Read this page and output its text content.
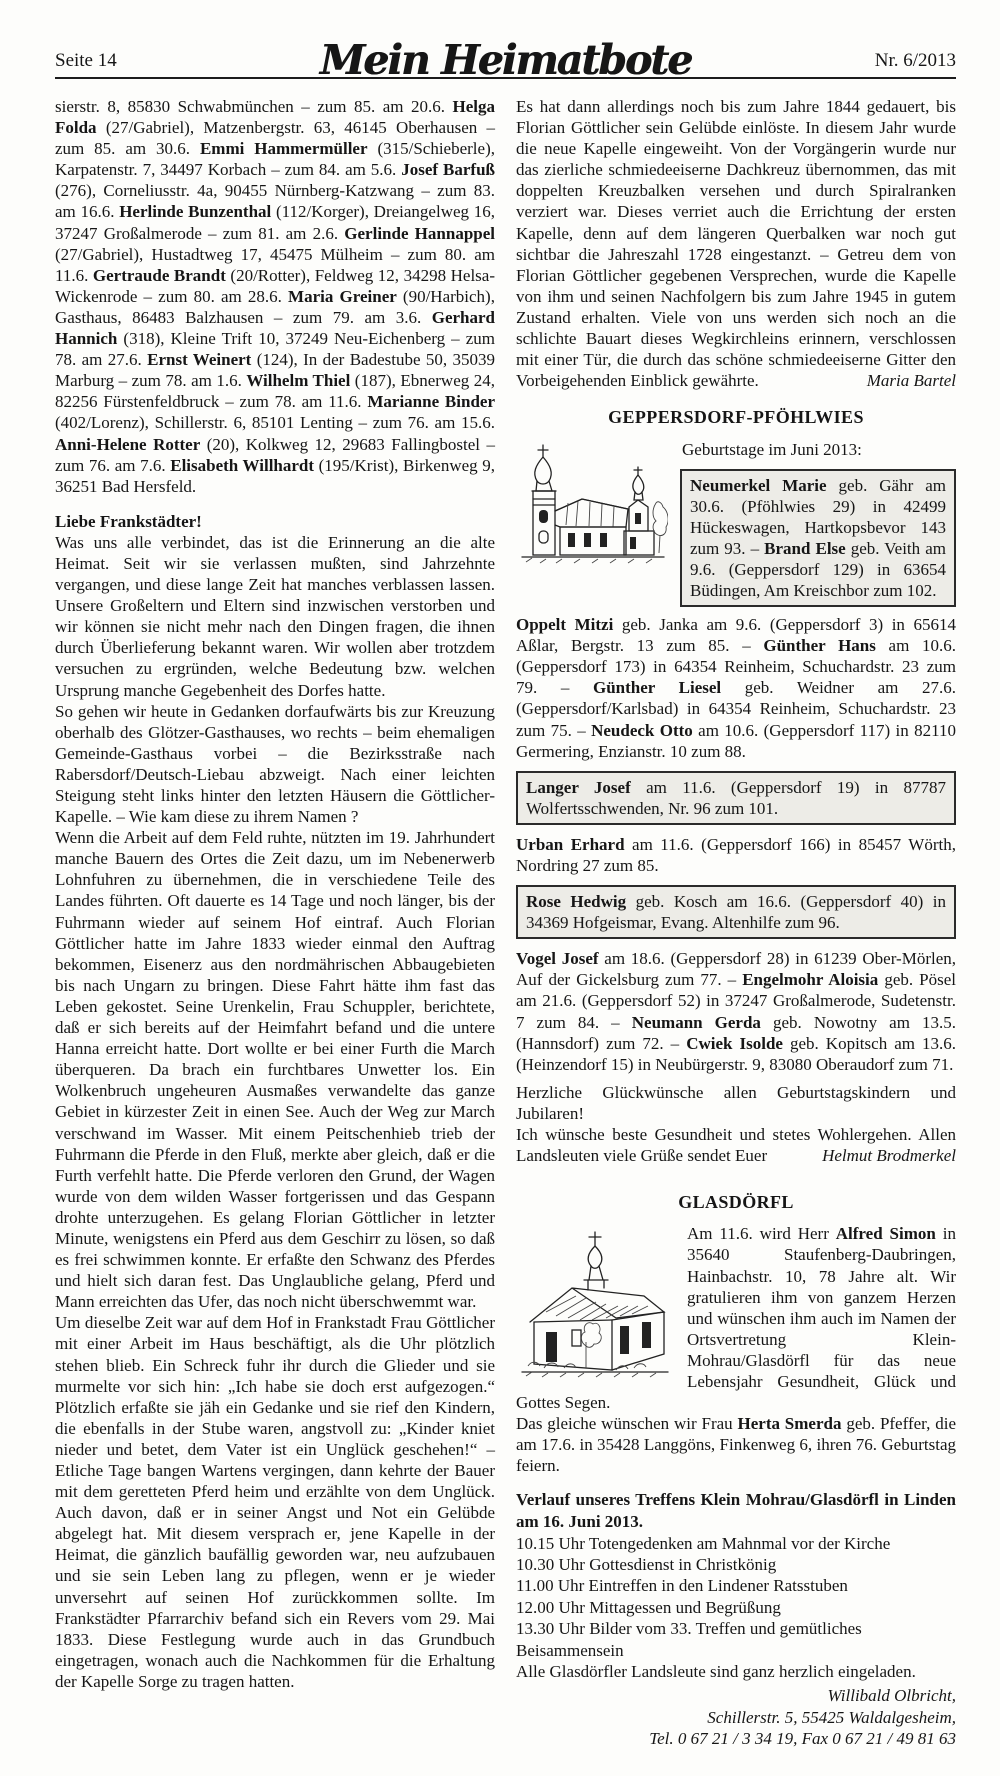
Seite 14	Mein Heimatbote	Nr. 6/2013

sierstr. 8, 85830 Schwabmünchen – zum 85. am 20.6. Helga Folda (27/Gabriel), Matzenbergstr. 63, 46145 Oberhausen – zum 85. am 30.6. Emmi Hammermüller (315/Schieberle), Karpatenstr. 7, 34497 Korbach – zum 84. am 5.6. Josef Barfuß (276), Corneliusstr. 4a, 90455 Nürnberg-Katzwang – zum 83. am 16.6. Herlinde Bunzenthal (112/Korger), Dreiangelweg 16, 37247 Großalmerode – zum 81. am 2.6. Gerlinde Hannappel (27/Gabriel), Hustadtweg 17, 45475 Mülheim – zum 80. am 11.6. Gertraude Brandt (20/Rotter), Feldweg 12, 34298 Helsa-Wickenrode – zum 80. am 28.6. Maria Greiner (90/Harbich), Gasthaus, 86483 Balzhausen – zum 79. am 3.6. Gerhard Hannich (318), Kleine Trift 10, 37249 Neu-Eichenberg – zum 78. am 27.6. Ernst Weinert (124), In der Badestube 50, 35039 Marburg – zum 78. am 1.6. Wilhelm Thiel (187), Ebnerweg 24, 82256 Fürstenfeldbruck – zum 78. am 11.6. Marianne Binder (402/Lorenz), Schillerstr. 6, 85101 Lenting – zum 76. am 15.6. Anni-Helene Rotter (20), Kolkweg 12, 29683 Fallingbostel – zum 76. am 7.6. Elisabeth Willhardt (195/Krist), Birkenweg 9, 36251 Bad Hersfeld.

Liebe Frankstädter!

Was uns alle verbindet, das ist die Erinnerung an die alte Heimat. Seit wir sie verlassen mußten, sind Jahrzehnte vergangen, und diese lange Zeit hat manches verblassen lassen. Unsere Großeltern und Eltern sind inzwischen verstorben und wir können sie nicht mehr nach den Dingen fragen, die ihnen durch Überlieferung bekannt waren. Wir wollen aber trotzdem versuchen zu ergründen, welche Bedeutung bzw. welchen Ursprung manche Gegebenheit des Dorfes hatte.

So gehen wir heute in Gedanken dorfaufwärts bis zur Kreuzung oberhalb des Glötzer-Gasthauses, wo rechts – beim ehemaligen Gemeinde-Gasthaus vorbei – die Bezirksstraße nach Rabersdorf/Deutsch-Liebau abzweigt. Nach einer leichten Steigung steht links hinter den letzten Häusern die Göttlicher-Kapelle. – Wie kam diese zu ihrem Namen ?

Wenn die Arbeit auf dem Feld ruhte, nützten im 19. Jahrhundert manche Bauern des Ortes die Zeit dazu, um im Nebenerwerb Lohnfuhren zu übernehmen, die in verschiedene Teile des Landes führten. Oft dauerte es 14 Tage und noch länger, bis der Fuhrmann wieder auf seinem Hof eintraf. Auch Florian Göttlicher hatte im Jahre 1833 wieder einmal den Auftrag bekommen, Eisenerz aus den nordmährischen Abbaugebieten bis nach Ungarn zu bringen. Diese Fahrt hätte ihm fast das Leben gekostet. Seine Urenkelin, Frau Schuppler, berichtete, daß er sich bereits auf der Heimfahrt befand und die untere Hanna erreicht hatte. Dort wollte er bei einer Furth die March überqueren. Da brach ein furchtbares Unwetter los. Ein Wolkenbruch ungeheuren Ausmaßes verwandelte das ganze Gebiet in kürzester Zeit in einen See. Auch der Weg zur March verschwand im Wasser. Mit einem Peitschenhieb trieb der Fuhrmann die Pferde in den Fluß, merkte aber gleich, daß er die Furth verfehlt hatte. Die Pferde verloren den Grund, der Wagen wurde von dem wilden Wasser fortgerissen und das Gespann drohte unterzugehen. Es gelang Florian Göttlicher in letzter Minute, wenigstens ein Pferd aus dem Geschirr zu lösen, so daß es frei schwimmen konnte. Er erfaßte den Schwanz des Pferdes und hielt sich daran fest. Das Unglaubliche gelang, Pferd und Mann erreichten das Ufer, das noch nicht überschwemmt war.

Um dieselbe Zeit war auf dem Hof in Frankstadt Frau Göttlicher mit einer Arbeit im Haus beschäftigt, als die Uhr plötzlich stehen blieb. Ein Schreck fuhr ihr durch die Glieder und sie murmelte vor sich hin: „Ich habe sie doch erst aufgezogen.“ Plötzlich erfaßte sie jäh ein Gedanke und sie rief den Kindern, die ebenfalls in der Stube waren, angstvoll zu: „Kinder kniet nieder und betet, dem Vater ist ein Unglück geschehen!“ – Etliche Tage bangen Wartens vergingen, dann kehrte der Bauer mit dem geretteten Pferd heim und erzählte von dem Unglück. Auch davon, daß er in seiner Angst und Not ein Gelübde abgelegt hat. Mit diesem versprach er, jene Kapelle in der Heimat, die gänzlich baufällig geworden war, neu aufzubauen und sie sein Leben lang zu pflegen, wenn er je wieder unversehrt auf seinen Hof zurückkommen sollte. Im Frankstädter Pfarrarchiv befand sich ein Revers vom 29. Mai 1833. Diese Festlegung wurde auch in das Grundbuch eingetragen, wonach auch die Nachkommen für die Erhaltung der Kapelle Sorge zu tragen hatten.

Es hat dann allerdings noch bis zum Jahre 1844 gedauert, bis Florian Göttlicher sein Gelübde einlöste. In diesem Jahr wurde die neue Kapelle eingeweiht. Von der Vorgängerin wurde nur das zierliche schmiedeeiserne Dachkreuz übernommen, das mit doppelten Kreuzbalken versehen und durch Spiralranken verziert war. Dieses verriet auch die Errichtung der ersten Kapelle, denn auf dem längeren Querbalken war noch gut sichtbar die Jahreszahl 1728 eingestanzt. – Getreu dem von Florian Göttlicher gegebenen Versprechen, wurde die Kapelle von ihm und seinen Nachfolgern bis zum Jahre 1945 in gutem Zustand erhalten. Viele von uns werden sich noch an die schlichte Bauart dieses Wegkirchleins erinnern, verschlossen mit einer Tür, die durch das schöne schmiedeeiserne Gitter den Vorbeigehenden Einblick gewährte.	Maria Bartel
GEPPERSDORF-PFÖHLWIES
Geburtstage im Juni 2013:
Neumerkel Marie geb. Gähr am 30.6. (Pföhlwies 29) in 42499 Hückeswagen, Hartkopsbevor 143 zum 93. – Brand Else geb. Veith am 9.6. (Geppersdorf 129) in 63654 Büdingen, Am Kreischbor zum 102.

Oppelt Mitzi geb. Janka am 9.6. (Geppersdorf 3) in 65614 Aßlar, Bergstr. 13 zum 85. – Günther Hans am 10.6. (Geppersdorf 173) in 64354 Reinheim, Schuchardstr. 23 zum 79. – Günther Liesel geb. Weidner am 27.6. (Geppersdorf/Karlsbad) in 64354 Reinheim, Schuchardstr. 23 zum 75. – Neudeck Otto am 10.6. (Geppersdorf 117) in 82110 Germering, Enzianstr. 10 zum 88.

Langer Josef am 11.6. (Geppersdorf 19) in 87787 Wolfertsschwenden, Nr. 96 zum 101.

Urban Erhard am 11.6. (Geppersdorf 166) in 85457 Wörth, Nordring 27 zum 85.

Rose Hedwig geb. Kosch am 16.6. (Geppersdorf 40) in 34369 Hofgeismar, Evang. Altenhilfe zum 96.

Vogel Josef am 18.6. (Geppersdorf 28) in 61239 Ober-Mörlen, Auf der Gickelsburg zum 77. – Engelmohr Aloisia geb. Pösel am 21.6. (Geppersdorf 52) in 37247 Großalmerode, Sudetenstr. 7 zum 84. – Neumann Gerda geb. Nowotny am 13.5. (Hannsdorf) zum 72. – Cwiek Isolde geb. Kopitsch am 13.6. (Heinzendorf 15) in Neubürgerstr. 9, 83080 Oberaudorf zum 71.

Herzliche Glückwünsche allen Geburtstagskindern und Jubilaren!

Ich wünsche beste Gesundheit und stetes Wohlergehen. Allen Landsleuten viele Grüße sendet Euer	Helmut Brodmerkel
GLASDÖRFL

Am 11.6. wird Herr Alfred Simon in 35640 Staufenberg-Daubringen, Hainbachstr. 10, 78 Jahre alt. Wir gratulieren ihm von ganzem Herzen und wünschen ihm auch im Namen der Ortsvertretung Klein-Mohrau/Glasdörfl für das neue Lebensjahr Gesundheit, Glück und Gottes Segen.

Das gleiche wünschen wir Frau Herta Smerda geb. Pfeffer, die am 17.6. in 35428 Langgöns, Finkenweg 6, ihren 76. Geburtstag feiern.

Verlauf unseres Treffens Klein Mohrau/Glasdörfl in Linden am 16. Juni 2013.
10.15 Uhr Totengedenken am Mahnmal vor der Kirche
10.30 Uhr Gottesdienst in Christkönig
11.00 Uhr Eintreffen in den Lindener Ratsstuben
12.00 Uhr Mittagessen und Begrüßung
13.30 Uhr Bilder vom 33. Treffen und gemütliches Beisammensein
Alle Glasdörfler Landsleute sind ganz herzlich eingeladen.
Willibald Olbricht,
Schillerstr. 5, 55425 Waldalgesheim,
Tel. 0 67 21 / 3 34 19, Fax 0 67 21 / 49 81 63
